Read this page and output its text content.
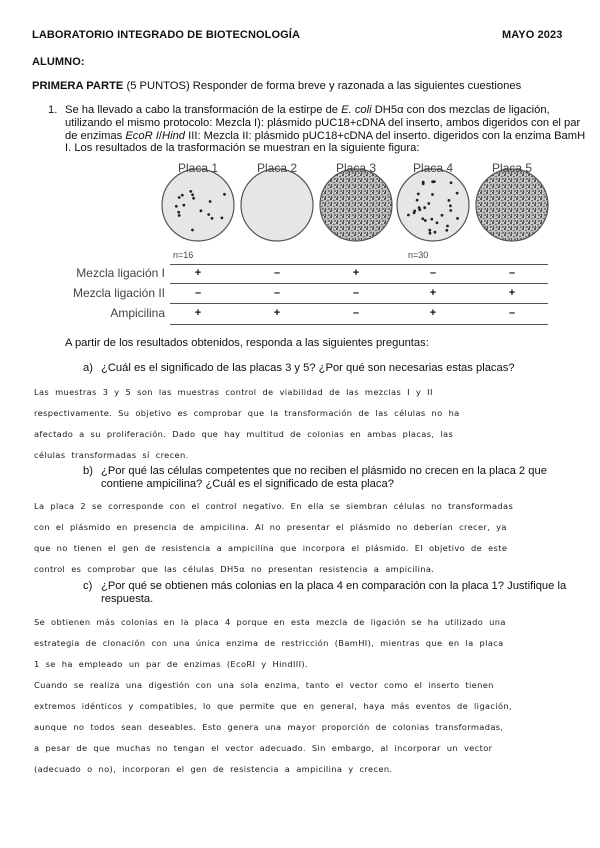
LABORATORIO INTEGRADO DE BIOTECNOLOGÍA	MAYO 2023
ALUMNO:
PRIMERA PARTE (5 PUNTOS) Responder de forma breve y razonada a las siguientes cuestiones
1. Se ha llevado a cabo la transformación de la estirpe de E. coli DH5α con dos mezclas de ligación,
utilizando el mismo protocolo: Mezcla I): plásmido pUC18+cDNA del inserto, ambos digeridos con el par
de enzimas EcoR I/Hind III: Mezcla II: plásmido pUC18+cDNA del inserto. digeridos con la enzima BamH
I. Los resultados de la trasformación se muestran en la siguiente figura:
Placa 1
n=16
Placa 2	Placa 3	Placa 4
n=30
Placa 5
Mezcla ligación I	+	–	+	–	–
Mezcla ligación II	–	–	–	+	+
Ampicilina	+	+	–	+	–
A partir de los resultados obtenidos, responda a las siguientes preguntas:
a) ¿Cuál es el significado de las placas 3 y 5? ¿Por qué son necesarias estas placas?
Las muestras 3 y 5 son las muestras control de viabilidad de las mezclas I y II
respectivamente. Su objetivo es comprobar que la transformación de las células no ha
afectado a su proliferación. Dado que hay multitud de colonias en ambas placas, las
células transformadas sí crecen.
b) ¿Por qué las células competentes que no reciben el plásmido no crecen en la placa 2 que
contiene ampicilina? ¿Cuál es el significado de esta placa?
La placa 2 se corresponde con el control negativo. En ella se siembran células no transformadas
con el plásmido en presencia de ampicilina. Al no presentar el plásmido no deberían crecer, ya
que no tienen el gen de resistencia a ampicilina que incorpora el plásmido. El objetivo de este
control es comprobar que las células DH5α no presentan resistencia a ampicilina.
c) ¿Por qué se obtienen más colonias en la placa 4 en comparación con la placa 1? Justifique la
respuesta.
Se obtienen más colonias en la placa 4 porque en esta mezcla de ligación se ha utilizado una
estrategia de clonación con una única enzima de restricción (BamHI), mientras que en la placa
1 se ha empleado un par de enzimas (EcoRI y HindIII).
Cuando se realiza una digestión con una sola enzima, tanto el vector como el inserto tienen
extremos idénticos y compatibles, lo que permite que en general, haya más eventos de ligación,
aunque no todos sean deseables. Esto genera una mayor proporción de colonias transformadas,
a pesar de que muchas no tengan el vector adecuado. Sin embargo, al incorporar un vector
(adecuado o no), incorporan el gen de resistencia a ampicilina y crecen.
